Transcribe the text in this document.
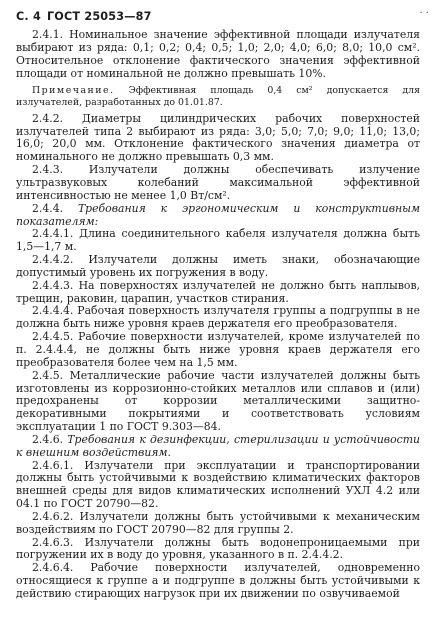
С. 4 ГОСТ 25053—87

2.4.1. Номинальное значение эффективной площади излучателя выбирают из ряда: 0,1; 0,2; 0,4; 0,5; 1,0; 2,0; 4,0; 6,0; 8,0; 10,0 см². Относительное отклонение фактического значения эффективной площади от номинальной не должно превышать 10%.

Примечание. Эффективная площадь 0,4 см² допускается для излучателей, разработанных до 01.01.87.

2.4.2. Диаметры цилиндрических рабочих поверхностей излучателей типа 2 выбирают из ряда: 3,0; 5,0; 7,0; 9,0; 11,0; 13,0; 16,0; 20,0 мм. Отклонение фактического значения диаметра от номинального не должно превышать 0,3 мм.

2.4.3. Излучатели должны обеспечивать излучение ультразвуковых колебаний максимальной эффективной интенсивностью не менее 1,0 Вт/см².

2.4.4. Требования к эргономическим и конструктивным показателям:

2.4.4.1. Длина соединительного кабеля излучателя должна быть 1,5—1,7 м.

2.4.4.2. Излучатели должны иметь знаки, обозначающие допустимый уровень их погружения в воду.

2.4.4.3. На поверхностях излучателей не должно быть наплывов, трещин, раковин, царапин, участков стирания.

2.4.4.4. Рабочая поверхность излучателя группы а подгруппы в не должна быть ниже уровня краев держателя его преобразователя.

2.4.4.5. Рабочие поверхности излучателей, кроме излучателей по п. 2.4.4.4, не должны быть ниже уровня краев держателя его преобразователя более чем на 1,5 мм.

2.4.5. Металлические рабочие части излучателей должны быть изготовлены из коррозионно-стойких металлов или сплавов и (или) предохранены от коррозии металлическими защитно-декоративными покрытиями и соответствовать условиям эксплуатации 1 по ГОСТ 9.303—84.

2.4.6. Требования к дезинфекции, стерилизации и устойчивости к внешним воздействиям.

2.4.6.1. Излучатели при эксплуатации и транспортировании должны быть устойчивыми к воздействию климатических факторов внешней среды для видов климатических исполнений УХЛ 4.2 или 04.1 по ГОСТ 20790—82.

2.4.6.2. Излучатели должны быть устойчивыми к механическим воздействиям по ГОСТ 20790—82 для группы 2.

2.4.6.3. Излучатели должны быть водонепроницаемыми при погружении их в воду до уровня, указанного в п. 2.4.4.2.

2.4.6.4. Рабочие поверхности излучателей, одновременно относящиеся к группе а и подгруппе в должны быть устойчивыми к действию стирающих нагрузок при их движении по озвучиваемой

· ·
